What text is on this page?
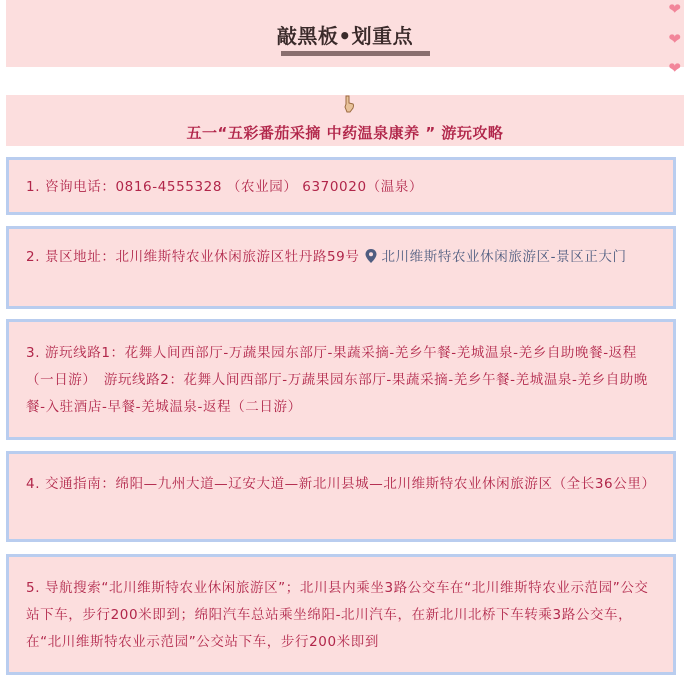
敲黑板•划重点
❤
❤
❤
五一“五彩番茄采摘 中药温泉康养 ” 游玩攻略
1. 咨询电话：0816-4555328 （农业园） 6370020（温泉）
2. 景区地址：北川维斯特农业休闲旅游区牡丹路59号 北川维斯特农业休闲旅游区-景区正大门
3. 游玩线路1：花舞人间西部厅-万蔬果园东部厅-果蔬采摘-羌乡午餐-羌城温泉-羌乡自助晚餐-返程（一日游）　游玩线路2：花舞人间西部厅-万蔬果园东部厅-果蔬采摘-羌乡午餐-羌城温泉-羌乡自助晚餐-入驻酒店-早餐-羌城温泉-返程（二日游）
4. 交通指南：绵阳—九州大道—辽安大道—新北川县城—北川维斯特农业休闲旅游区（全长36公里）
5. 导航搜索“北川维斯特农业休闲旅游区”；北川县内乘坐3路公交车在“北川维斯特农业示范园”公交站下车，步行200米即到；绵阳汽车总站乘坐绵阳-北川汽车，在新北川北桥下车转乘3路公交车，在“北川维斯特农业示范园”公交站下车，步行200米即到
